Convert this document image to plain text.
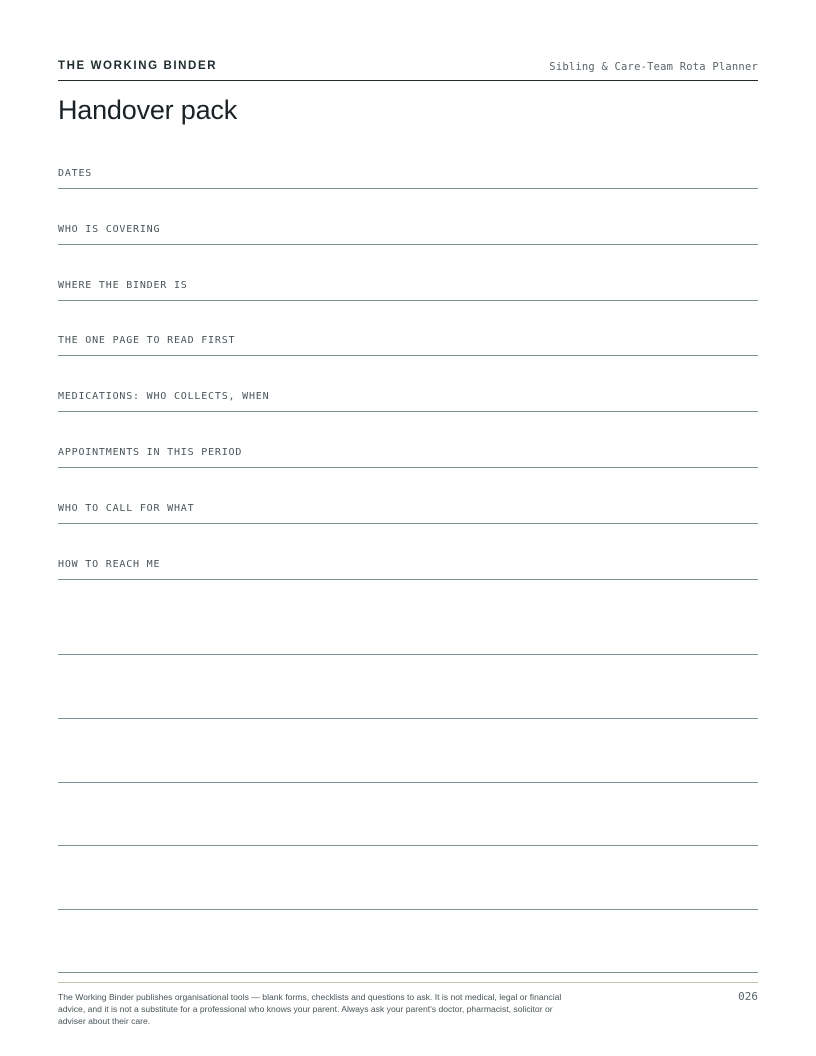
THE WORKING BINDER	Sibling & Care-Team Rota Planner
Handover pack
DATES
WHO IS COVERING
WHERE THE BINDER IS
THE ONE PAGE TO READ FIRST
MEDICATIONS: WHO COLLECTS, WHEN
APPOINTMENTS IN THIS PERIOD
WHO TO CALL FOR WHAT
HOW TO REACH ME

The Working Binder publishes organisational tools — blank forms, checklists and questions to ask. It is not medical, legal or financial advice, and it is not a substitute for a professional who knows your parent. Always ask your parent's doctor, pharmacist, solicitor or adviser about their care.

026
